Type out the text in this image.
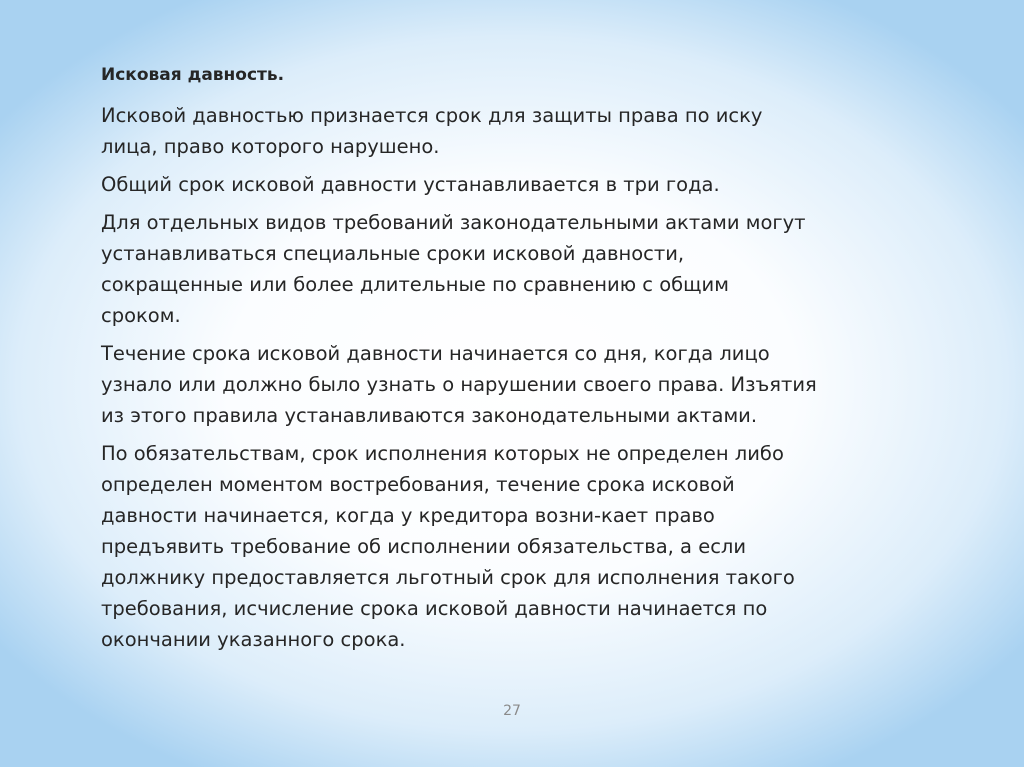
Исковая давность.
Исковой давностью признается срок для защиты права по иску
лица, право которого нарушено.
Общий срок исковой давности устанавливается в три года.
Для отдельных видов требований законодательными актами могут
устанавливаться специальные сроки исковой давности,
сокращенные или более длительные по сравнению с общим
сроком.
Течение срока исковой давности начинается со дня, когда лицо
узнало или должно было узнать о нарушении своего права. Изъятия
из этого правила устанавливаются законодательными актами.
По обязательствам, срок исполнения которых не определен либо
определен моментом востребования, течение срока исковой
давности начинается, когда у кредитора возни-кает право
предъявить требование об исполнении обязательства, а если
должнику предоставляется льготный срок для исполнения такого
требования, исчисление срока исковой давности начинается по
окончании указанного срока.
27
